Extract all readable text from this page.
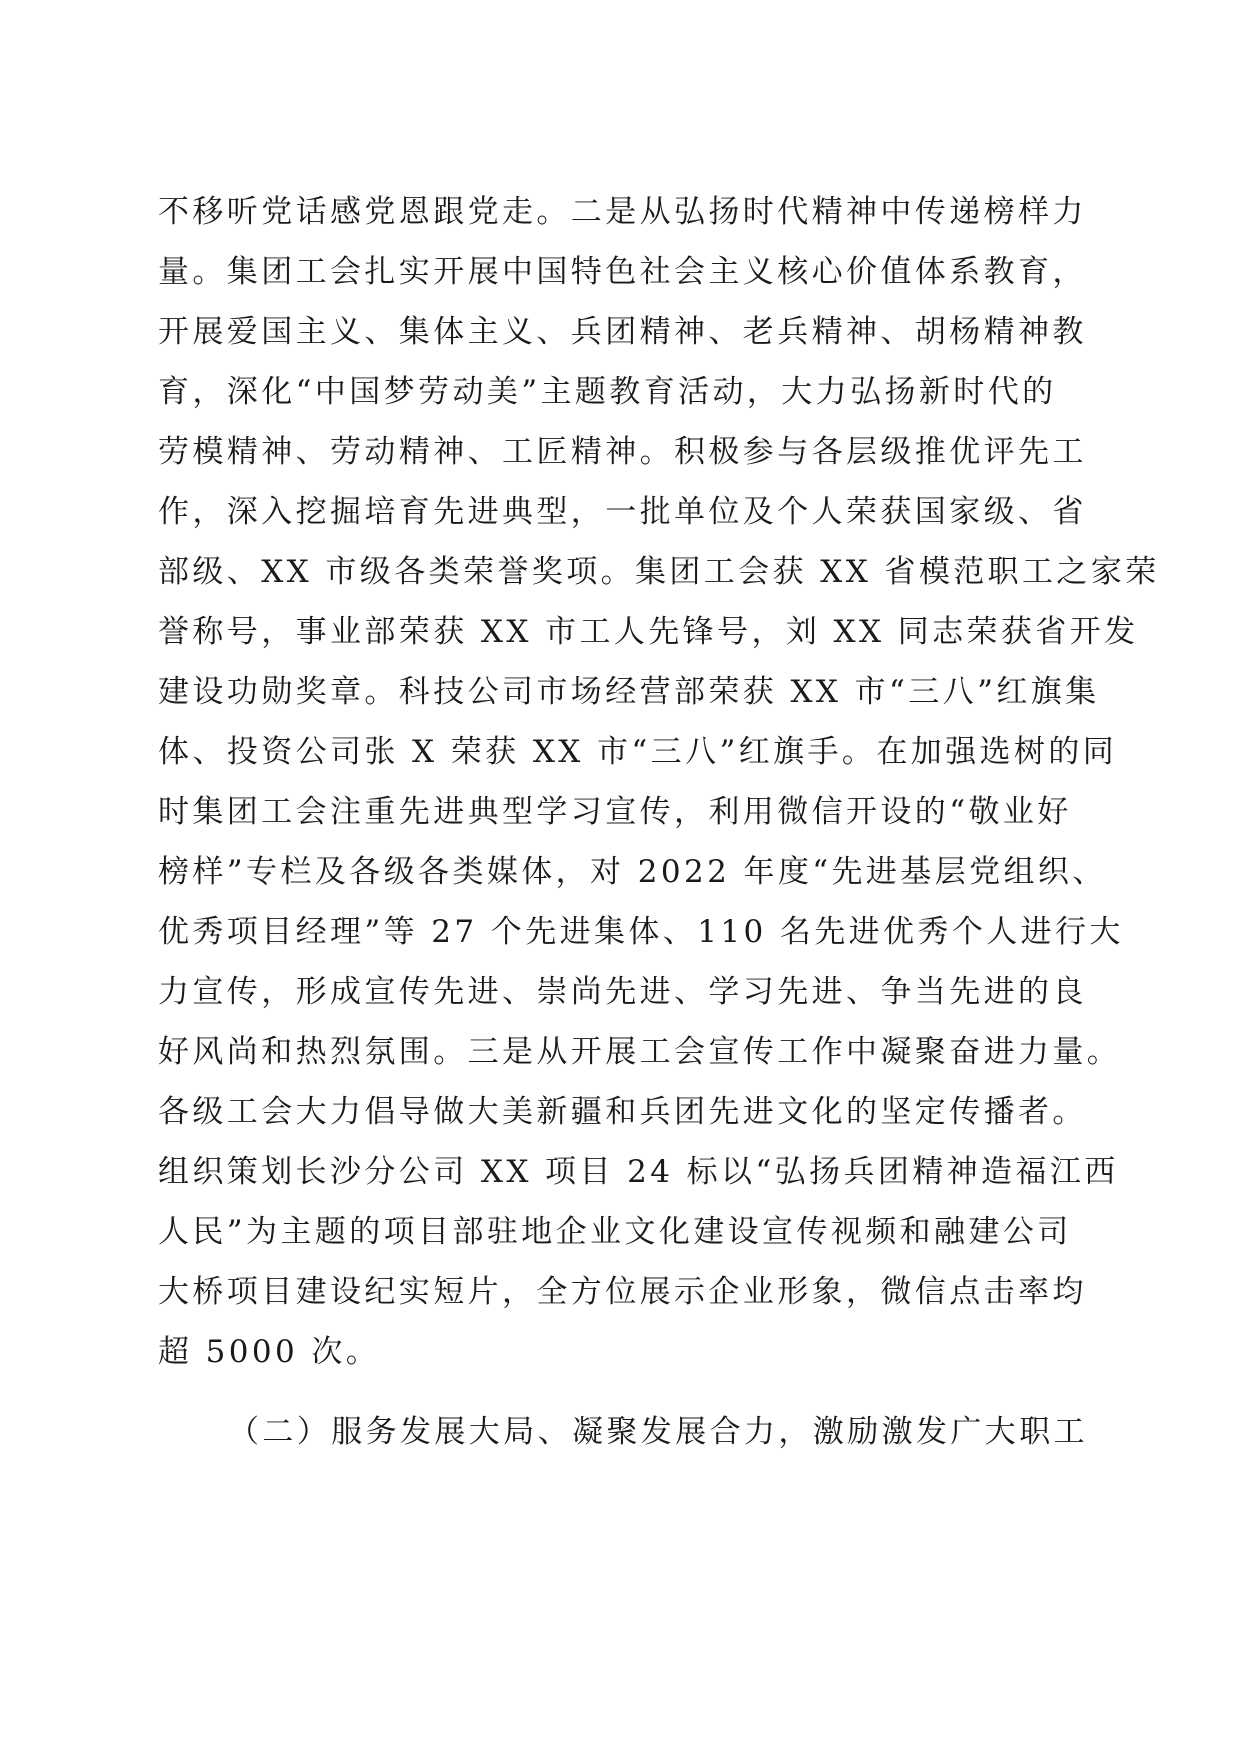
不移听党话感党恩跟党走。二是从弘扬时代精神中传递榜样力
量。集团工会扎实开展中国特色社会主义核心价值体系教育，
开展爱国主义、集体主义、兵团精神、老兵精神、胡杨精神教
育，深化“中国梦劳动美”主题教育活动，大力弘扬新时代的
劳模精神、劳动精神、工匠精神。积极参与各层级推优评先工
作，深入挖掘培育先进典型，一批单位及个人荣获国家级、省
部级、XX 市级各类荣誉奖项。集团工会获 XX 省模范职工之家荣
誉称号，事业部荣获 XX 市工人先锋号，刘 XX 同志荣获省开发
建设功勋奖章。科技公司市场经营部荣获 XX 市“三八”红旗集
体、投资公司张 X 荣获 XX 市“三八”红旗手。在加强选树的同
时集团工会注重先进典型学习宣传，利用微信开设的“敬业好
榜样”专栏及各级各类媒体，对 2022 年度“先进基层党组织、
优秀项目经理”等 27 个先进集体、110 名先进优秀个人进行大
力宣传，形成宣传先进、崇尚先进、学习先进、争当先进的良
好风尚和热烈氛围。三是从开展工会宣传工作中凝聚奋进力量。
各级工会大力倡导做大美新疆和兵团先进文化的坚定传播者。
组织策划长沙分公司 XX 项目 24 标以“弘扬兵团精神造福江西
人民”为主题的项目部驻地企业文化建设宣传视频和融建公司
大桥项目建设纪实短片，全方位展示企业形象，微信点击率均
超 5000 次。
（二）服务发展大局、凝聚发展合力，激励激发广大职工
